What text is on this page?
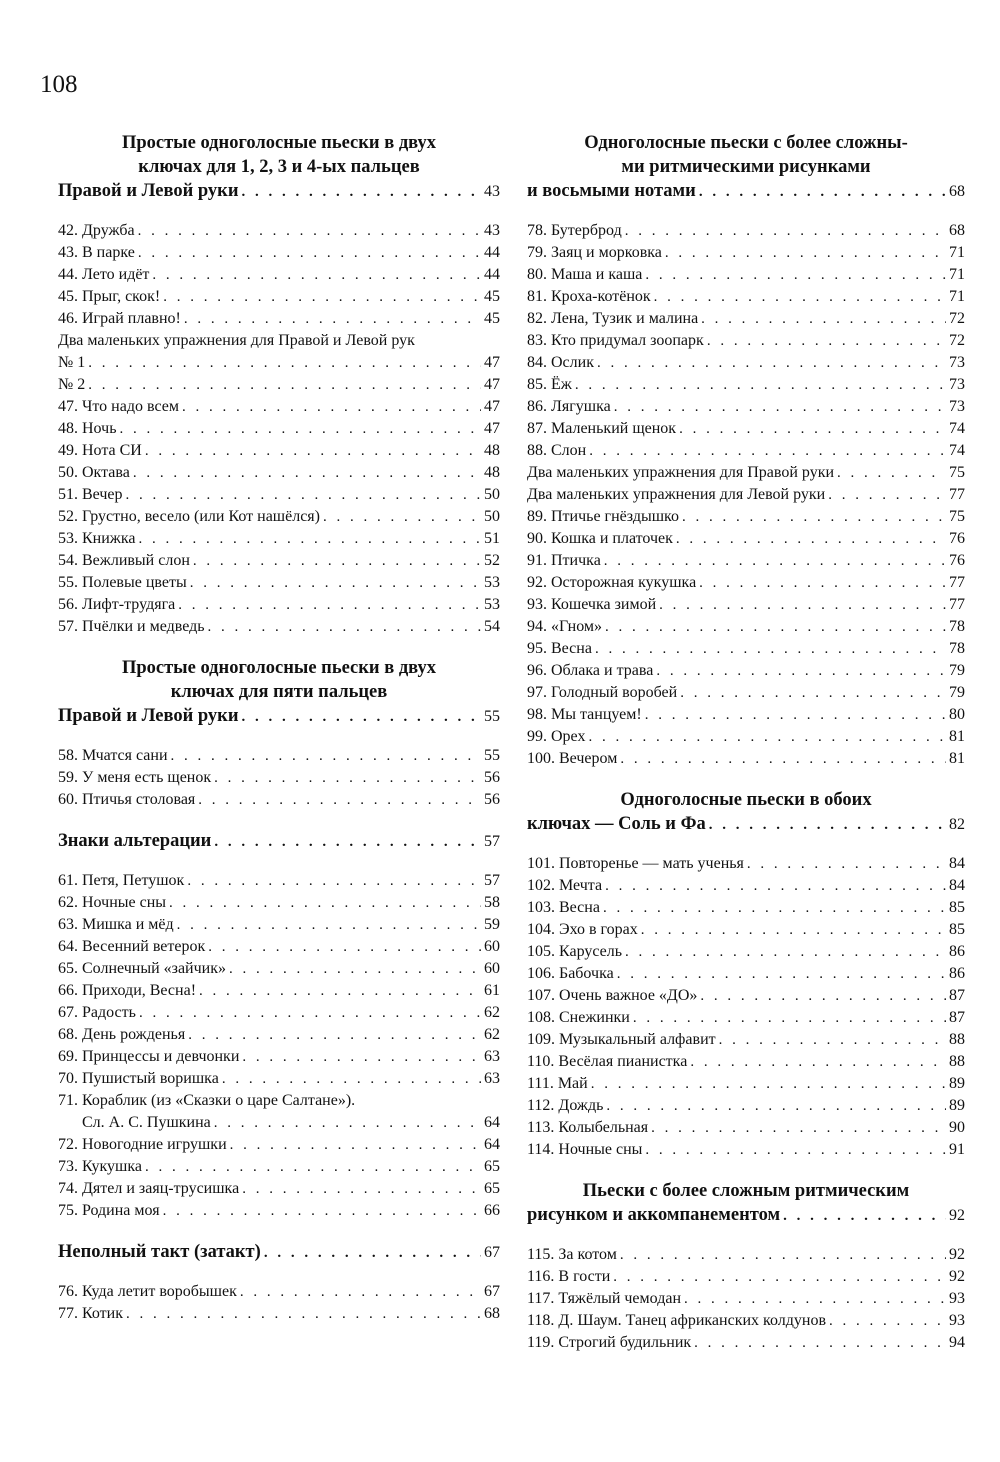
108

Простые одноголосные пьески в двух
ключах для 1, 2, 3 и 4-ых пальцев
Правой и Левой руки . . .	43
42. Дружба . . .	43
43. В парке . . .	44
44. Лето идёт . . .	44
45. Прыг, скок! . . .	45
46. Играй плавно! . . .	45
Два маленьких упражнения для Правой и Левой рук
№ 1 . . .	47
№ 2 . . .	47
47. Что надо всем . . .	47
48. Ночь . . .	47
49. Нота СИ . . .	48
50. Октава . . .	48
51. Вечер . . .	50
52. Грустно, весело (или Кот нашёлся) . . .	50
53. Книжка . . .	51
54. Вежливый слон . . .	52
55. Полевые цветы . . .	53
56. Лифт-трудяга . . .	53
57. Пчёлки и медведь . . .	54
Простые одноголосные пьески в двух
ключах для пяти пальцев
Правой и Левой руки . . .	55
58. Мчатся сани . . .	55
59. У меня есть щенок . . .	56
60. Птичья столовая . . .	56
Знаки альтерации . . .	57
61. Петя, Петушок . . .	57
62. Ночные сны . . .	58
63. Мишка и мёд . . .	59
64. Весенний ветерок . . .	60
65. Солнечный «зайчик» . . .	60
66. Приходи, Весна! . . .	61
67. Радость . . .	62
68. День рожденья . . .	62
69. Принцессы и девчонки . . .	63
70. Пушистый воришка . . .	63
71. Кораблик (из «Сказки о царе Салтане»).
Сл. А. С. Пушкина . . .	64
72. Новогодние игрушки . . .	64
73. Кукушка . . .	65
74. Дятел и заяц-трусишка . . .	65
75. Родина моя . . .	66
Неполный такт (затакт) . . .	67
76. Куда летит воробышек . . .	67
77. Котик . . .	68
Одноголосные пьески с более сложны-
ми ритмическими рисунками
и восьмыми нотами . . .	68
78. Бутерброд . . .	68
79. Заяц и морковка . . .	71
80. Маша и каша . . .	71
81. Кроха-котёнок . . .	71
82. Лена, Тузик и малина . . .	72
83. Кто придумал зоопарк . . .	72
84. Ослик . . .	73
85. Ёж . . .	73
86. Лягушка . . .	73
87. Маленький щенок . . .	74
88. Слон . . .	74
Два маленьких упражнения для Правой руки . . .	75
Два маленьких упражнения для Левой руки . . .	77
89. Птичье гнёздышко . . .	75
90. Кошка и платочек . . .	76
91. Птичка . . .	76
92. Осторожная кукушка . . .	77
93. Кошечка зимой . . .	77
94. «Гном» . . .	78
95. Весна . . .	78
96. Облака и трава . . .	79
97. Голодный воробей . . .	79
98. Мы танцуем! . . .	80
99. Орех . . .	81
100. Вечером . . .	81
Одноголосные пьески в обоих
ключах — Соль и Фа . . .	82
101. Повторенье — мать ученья . . .	84
102. Мечта . . .	84
103. Весна . . .	85
104. Эхо в горах . . .	85
105. Карусель . . .	86
106. Бабочка . . .	86
107. Очень важное «ДО» . . .	87
108. Снежинки . . .	87
109. Музыкальный алфавит . . .	88
110. Весёлая пианистка . . .	88
111. Май . . .	89
112. Дождь . . .	89
113. Колыбельная . . .	90
114. Ночные сны . . .	91
Пьески с более сложным ритмическим
рисунком и аккомпанементом . . .	92
115. За котом . . .	92
116. В гости . . .	92
117. Тяжёлый чемодан . . .	93
118. Д. Шаум. Танец африканских колдунов . . .	93
119. Строгий будильник . . .	94
